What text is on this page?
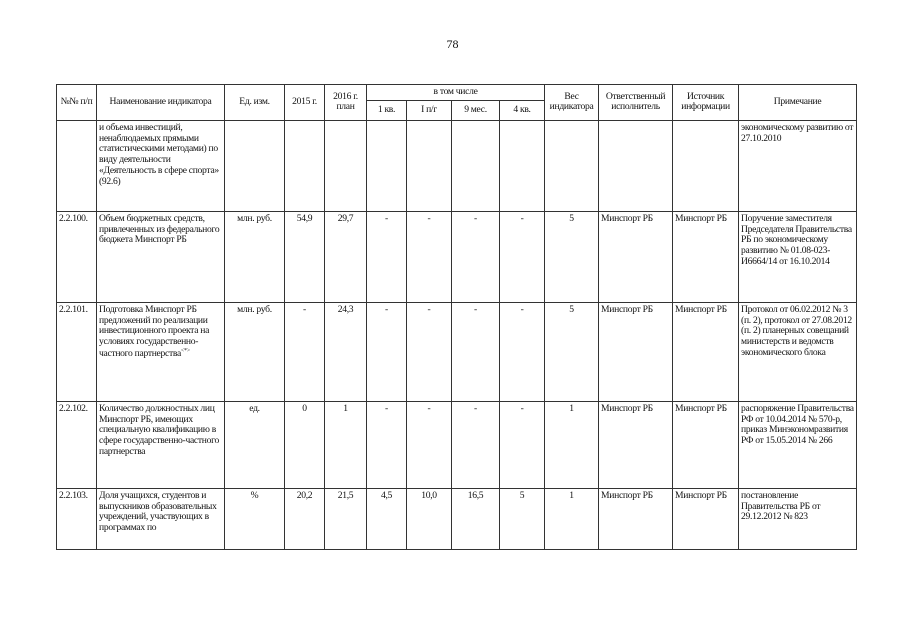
78
№№ п/п	Наименование индикатора	Ед. изм.	2015 г.	2016 г. план	в том числе				Вес индикатора	Ответственный исполнитель	Источник информации	Примечание
					1 кв.	I п/г	9 мес.	4 кв.				
	и объема инвестиций, ненаблюдаемых прямыми статистическими методами) по виду деятельности «Деятельность в сфере спорта» (92.6)											экономическому развитию от 27.10.2010
2.2.100.	Объем бюджетных средств, привлеченных из федерального бюджета Минспорт РБ	млн. руб.	54,9	29,7	-	-	-	-	5	Минспорт РБ	Минспорт РБ	Поручение заместителя Председателя Правительства РБ по экономическому развитию № 01.08-023-И6664/14 от 16.10.2014
2.2.101.	Подготовка Минспорт РБ предложений по реализации инвестиционного проекта на условиях государственно-частного партнерства<*>	млн. руб.	-	24,3	-	-	-	-	5	Минспорт РБ	Минспорт РБ	Протокол от 06.02.2012 № 3 (п. 2), протокол от 27.08.2012 (п. 2) планерных совещаний министерств и ведомств экономического блока
2.2.102.	Количество должностных лиц Минспорт РБ, имеющих специальную квалификацию в сфере государственно-частного партнерства	ед.	0	1	-	-	-	-	1	Минспорт РБ	Минспорт РБ	распоряжение Правительства РФ от 10.04.2014 № 570-р, приказ Минэкономразвития РФ от 15.05.2014 № 266
2.2.103.	Доля учащихся, студентов и выпускников образовательных учреждений, участвующих в программах по	%	20,2	21,5	4,5	10,0	16,5	5	1	Минспорт РБ	Минспорт РБ	постановление Правительства РБ от 29.12.2012 № 823
